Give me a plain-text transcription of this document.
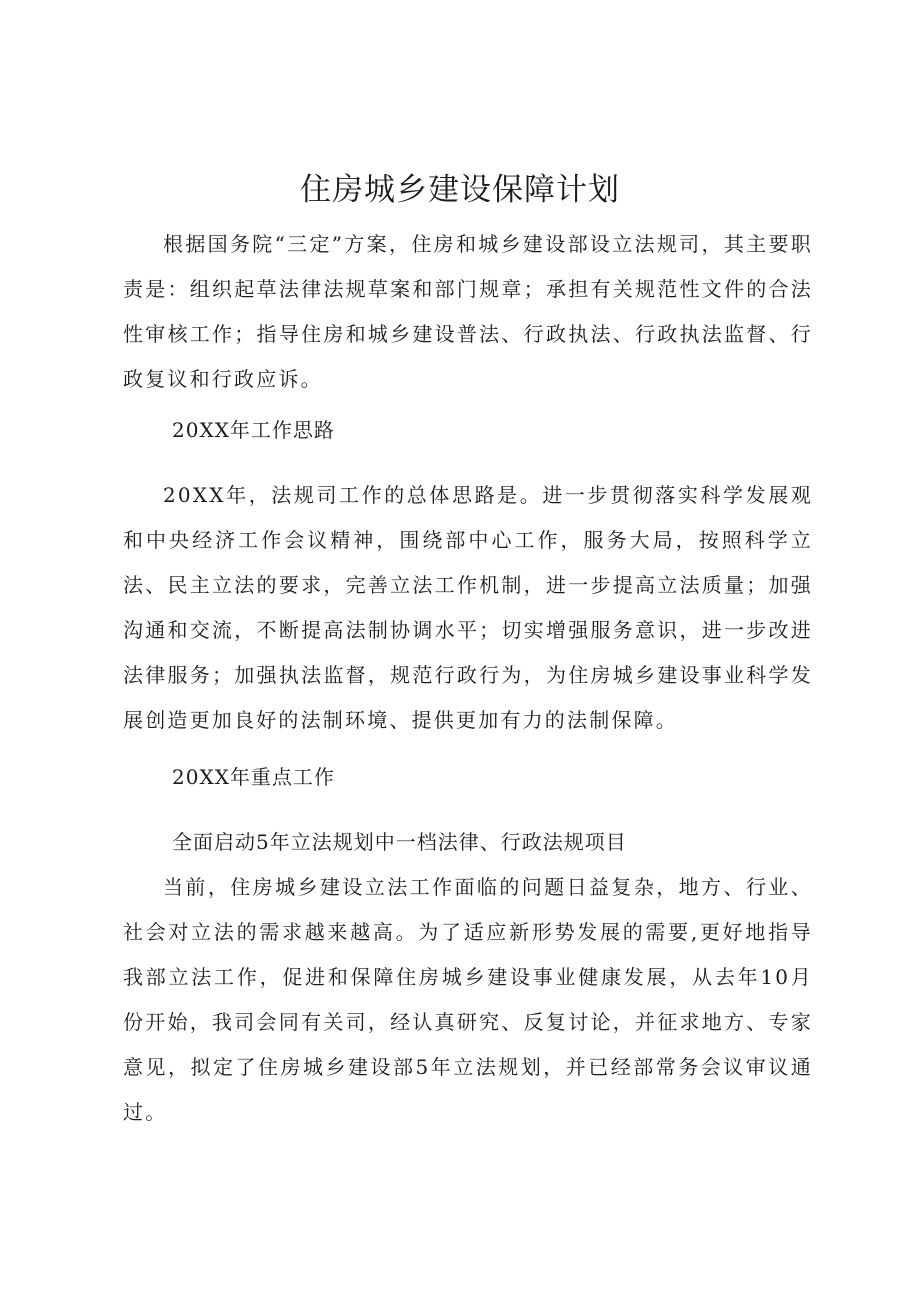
住房城乡建设保障计划

根据国务院“三定”方案，住房和城乡建设部设立法规司，其主要职责是：组织起草法律法规草案和部门规章；承担有关规范性文件的合法性审核工作；指导住房和城乡建设普法、行政执法、行政执法监督、行政复议和行政应诉。

20XX年工作思路

20XX年，法规司工作的总体思路是。进一步贯彻落实科学发展观和中央经济工作会议精神，围绕部中心工作，服务大局，按照科学立法、民主立法的要求，完善立法工作机制，进一步提高立法质量；加强沟通和交流，不断提高法制协调水平；切实增强服务意识，进一步改进法律服务；加强执法监督，规范行政行为，为住房城乡建设事业科学发展创造更加良好的法制环境、提供更加有力的法制保障。

20XX年重点工作
全面启动5年立法规划中一档法律、行政法规项目

当前，住房城乡建设立法工作面临的问题日益复杂，地方、行业、社会对立法的需求越来越高。为了适应新形势发展的需要,更好地指导我部立法工作，促进和保障住房城乡建设事业健康发展，从去年10月份开始，我司会同有关司，经认真研究、反复讨论，并征求地方、专家意见，拟定了住房城乡建设部5年立法规划，并已经部常务会议审议通过。
